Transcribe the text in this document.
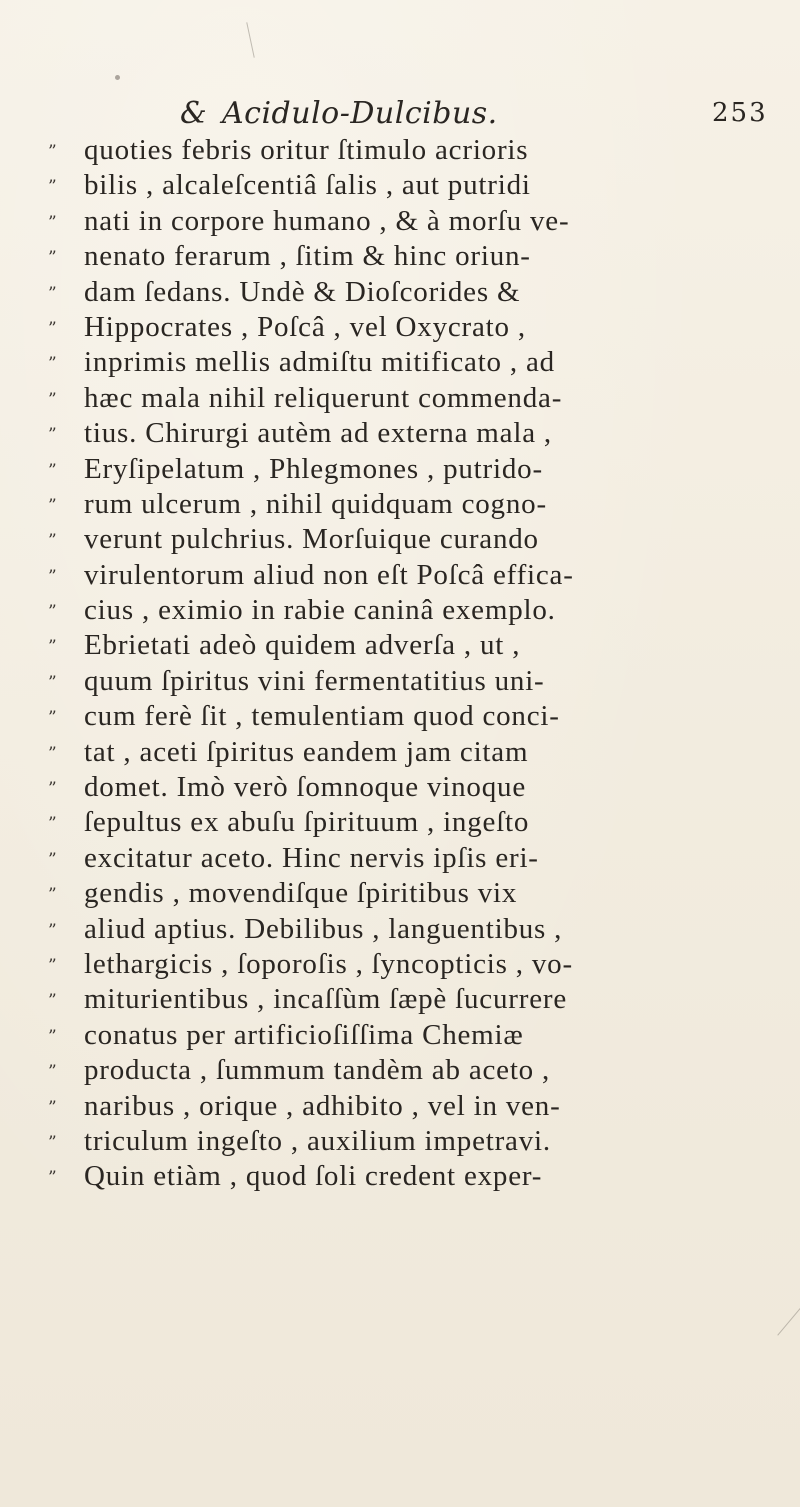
& Acidulo-Dulcibus.	253
” quoties febris oritur ſtimulo acrioris
” bilis , alcaleſcentiâ ſalis , aut putridi
” nati in corpore humano , & à morſu ve-
” nenato ferarum , ſitim & hinc oriun-
” dam ſedans. Undè & Dioſcorides &
” Hippocrates , Poſcâ , vel Oxycrato ,
” inprimis mellis admiſtu mitificato , ad
” hæc mala nihil reliquerunt commenda-
” tius. Chirurgi autèm ad externa mala ,
” Eryſipelatum , Phlegmones , putrido-
” rum ulcerum , nihil quidquam cogno-
” verunt pulchrius. Morſuique curando
” virulentorum aliud non eſt Poſcâ effica-
” cius , eximio in rabie caninâ exemplo.
” Ebrietati adeò quidem adverſa , ut ,
” quum ſpiritus vini fermentatitius uni-
” cum ferè ſit , temulentiam quod conci-
” tat , aceti ſpiritus eandem jam citam
” domet. Imò verò ſomnoque vinoque
” ſepultus ex abuſu ſpirituum , ingeſto
” excitatur aceto. Hinc nervis ipſis eri-
” gendis , movendiſque ſpiritibus vix
” aliud aptius. Debilibus , languentibus ,
” lethargicis , ſoporoſis , ſyncopticis , vo-
” miturientibus , incaſſùm ſæpè ſucurrere
” conatus per artificioſiſſima Chemiæ
” producta , ſummum tandèm ab aceto ,
” naribus , orique , adhibito , vel in ven-
” triculum ingeſto , auxilium impetravi.
” Quin etiàm , quod ſoli credent exper-
